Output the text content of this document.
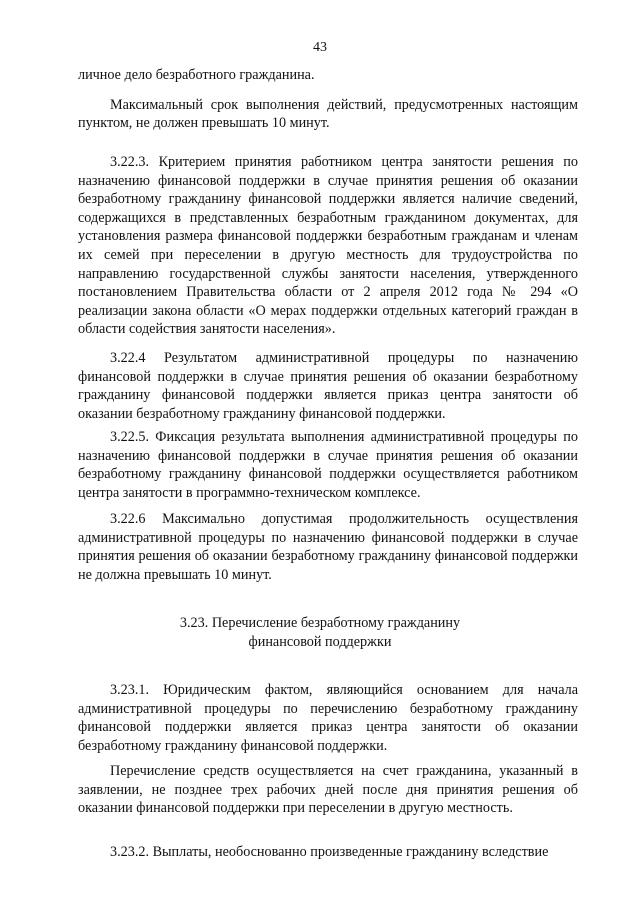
43

личное дело безработного гражданина.

Максимальный срок выполнения действий, предусмотренных настоящим пунктом, не должен превышать 10 минут.

3.22.3. Критерием принятия работником центра занятости решения по назначению финансовой поддержки в случае принятия решения об оказании безработному гражданину финансовой поддержки является наличие сведений, содержащихся в представленных безработным гражданином документах, для установления размера финансовой поддержки безработным гражданам и членам их семей при переселении в другую местность для трудоустройства по направлению государственной службы занятости населения, утвержденного постановлением Правительства области от 2 апреля 2012 года № 294 «О реализации закона области «О мерах поддержки отдельных категорий граждан в области содействия занятости населения».

3.22.4 Результатом административной процедуры по назначению финансовой поддержки в случае принятия решения об оказании безработному гражданину финансовой поддержки является приказ центра занятости об оказании безработному гражданину финансовой поддержки.

3.22.5. Фиксация результата выполнения административной процедуры по назначению финансовой поддержки в случае принятия решения об оказании безработному гражданину финансовой поддержки осуществляется работником центра занятости в программно-техническом комплексе.

3.22.6 Максимально допустимая продолжительность осуществления административной процедуры по назначению финансовой поддержки в случае принятия решения об оказании безработному гражданину финансовой поддержки не должна превышать 10 минут.

3.23. Перечисление безработному гражданину
финансовой поддержки

3.23.1. Юридическим фактом, являющийся основанием для начала административной процедуры по перечислению безработному гражданину финансовой поддержки является приказ центра занятости об оказании безработному гражданину финансовой поддержки.

Перечисление средств осуществляется на счет гражданина, указанный в заявлении, не позднее трех рабочих дней после дня принятия решения об оказании финансовой поддержки при переселении в другую местность.

3.23.2. Выплаты, необоснованно произведенные гражданину вследствие
